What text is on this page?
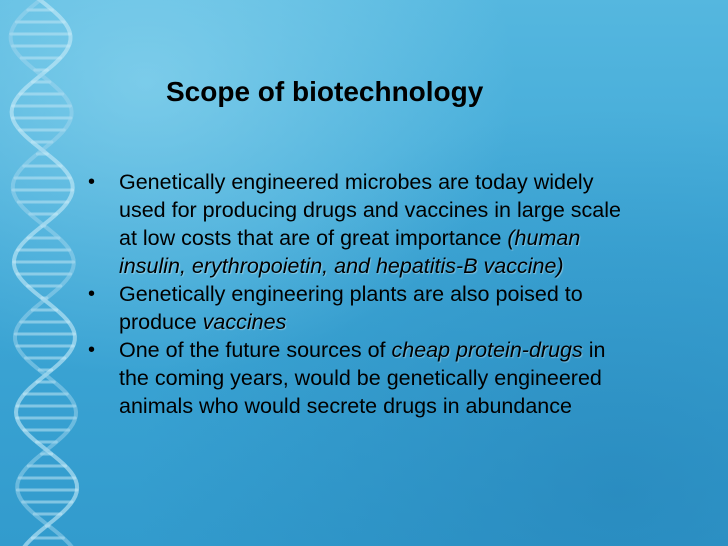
Scope of biotechnology
• Genetically engineered microbes are today widely used for producing drugs and vaccines in large scale at low costs that are of great importance (human insulin, erythropoietin, and hepatitis-B vaccine)
• Genetically engineering plants are also poised to produce vaccines
• One of the future sources of cheap protein-drugs in the coming years, would be genetically engineered animals who would secrete drugs in abundance
